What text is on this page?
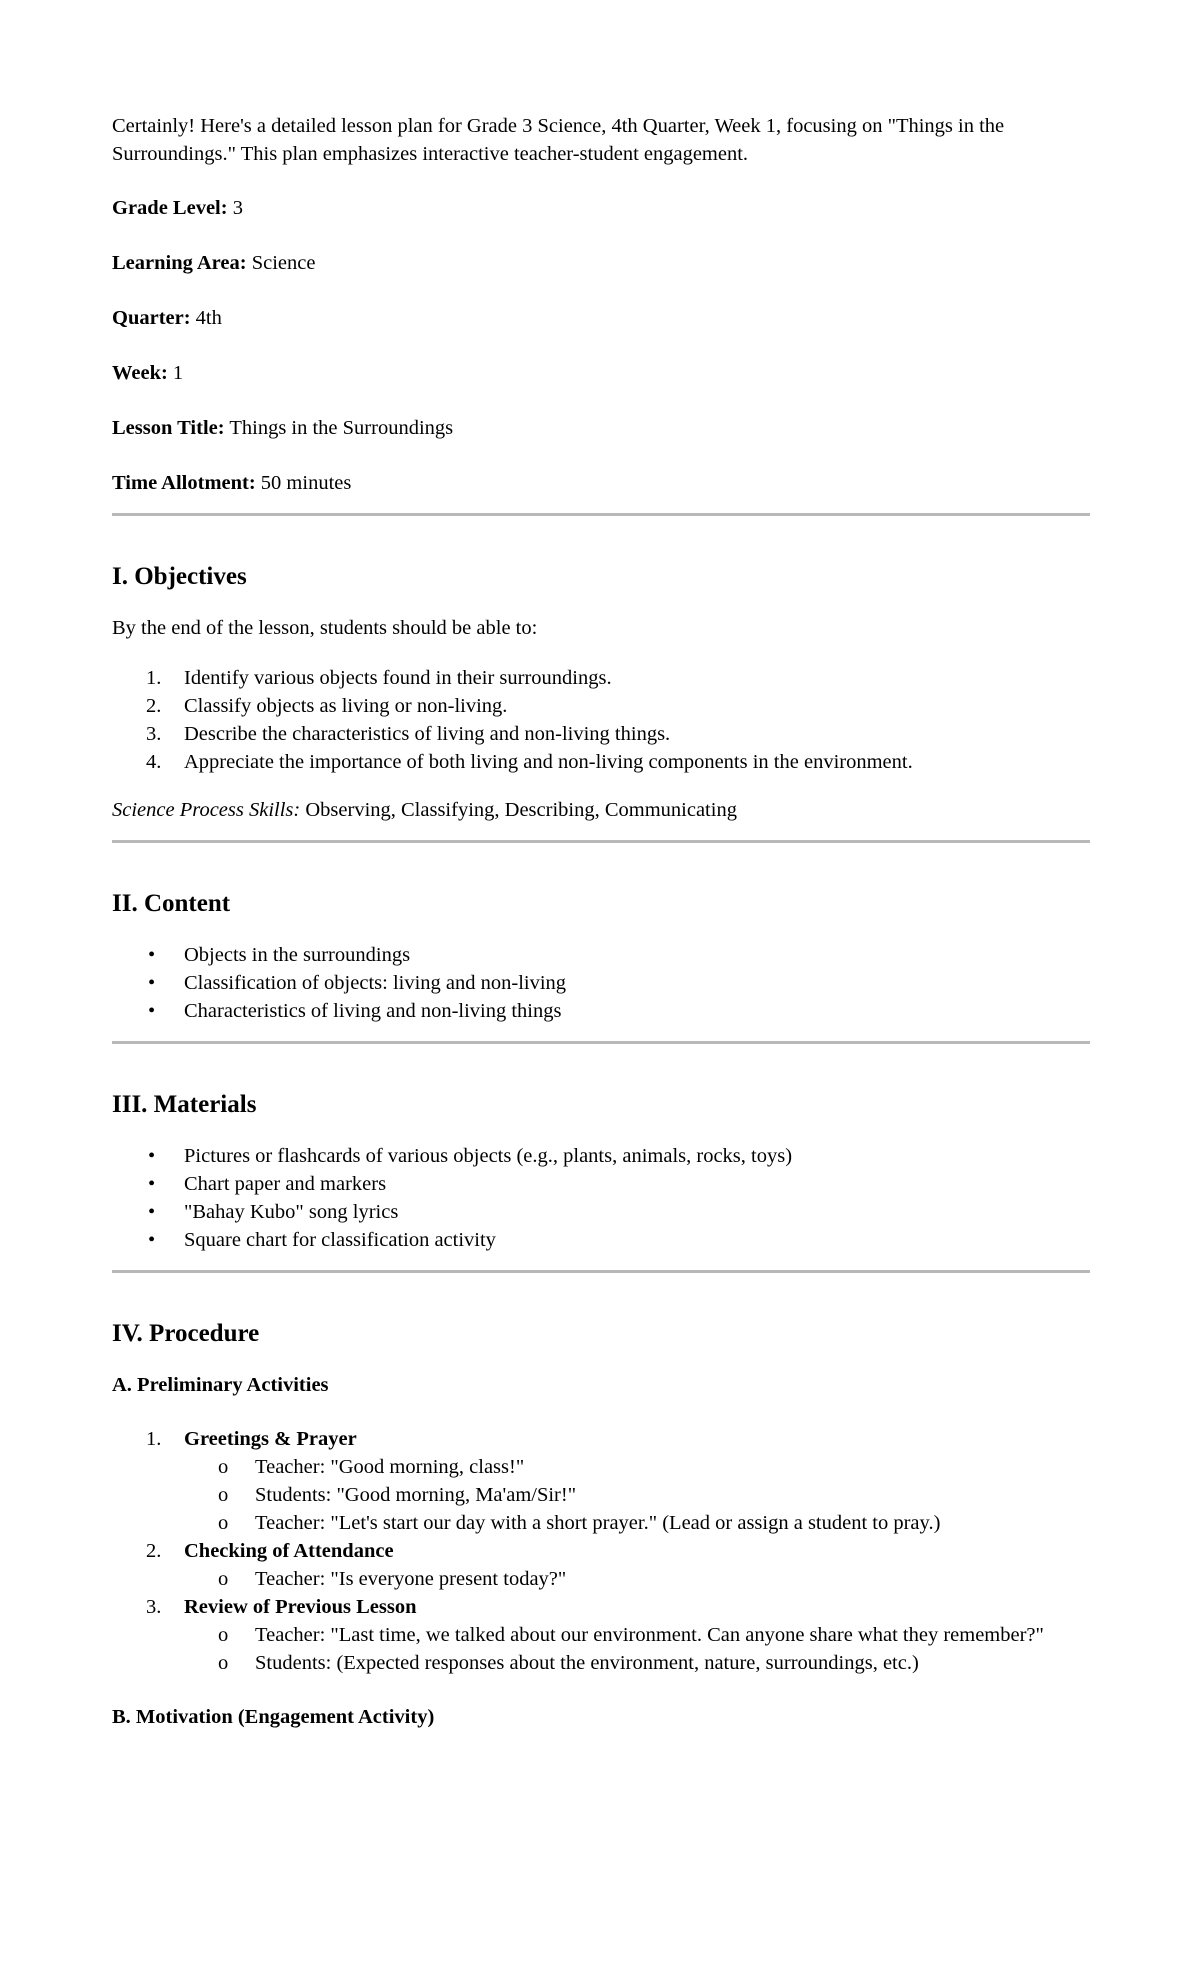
Certainly! Here's a detailed lesson plan for Grade 3 Science, 4th Quarter, Week 1, focusing on "Things in the Surroundings." This plan emphasizes interactive teacher-student engagement.

Grade Level: 3
Learning Area: Science
Quarter: 4th
Week: 1
Lesson Title: Things in the Surroundings
Time Allotment: 50 minutes
I. Objectives

By the end of the lesson, students should be able to:

1. Identify various objects found in their surroundings.
2. Classify objects as living or non-living.
3. Describe the characteristics of living and non-living things.
4. Appreciate the importance of both living and non-living components in the environment.

Science Process Skills: Observing, Classifying, Describing, Communicating

II. Content
• Objects in the surroundings
• Classification of objects: living and non-living
• Characteristics of living and non-living things
III. Materials
• Pictures or flashcards of various objects (e.g., plants, animals, rocks, toys)
• Chart paper and markers
• "Bahay Kubo" song lyrics
• Square chart for classification activity
IV. Procedure
A. Preliminary Activities
1. Greetings & Prayer
o Teacher: "Good morning, class!"
o Students: "Good morning, Ma'am/Sir!"
o Teacher: "Let's start our day with a short prayer." (Lead or assign a student to pray.)
2. Checking of Attendance
o Teacher: "Is everyone present today?"
3. Review of Previous Lesson
o Teacher: "Last time, we talked about our environment. Can anyone share what they remember?"
o Students: (Expected responses about the environment, nature, surroundings, etc.)
B. Motivation (Engagement Activity)
